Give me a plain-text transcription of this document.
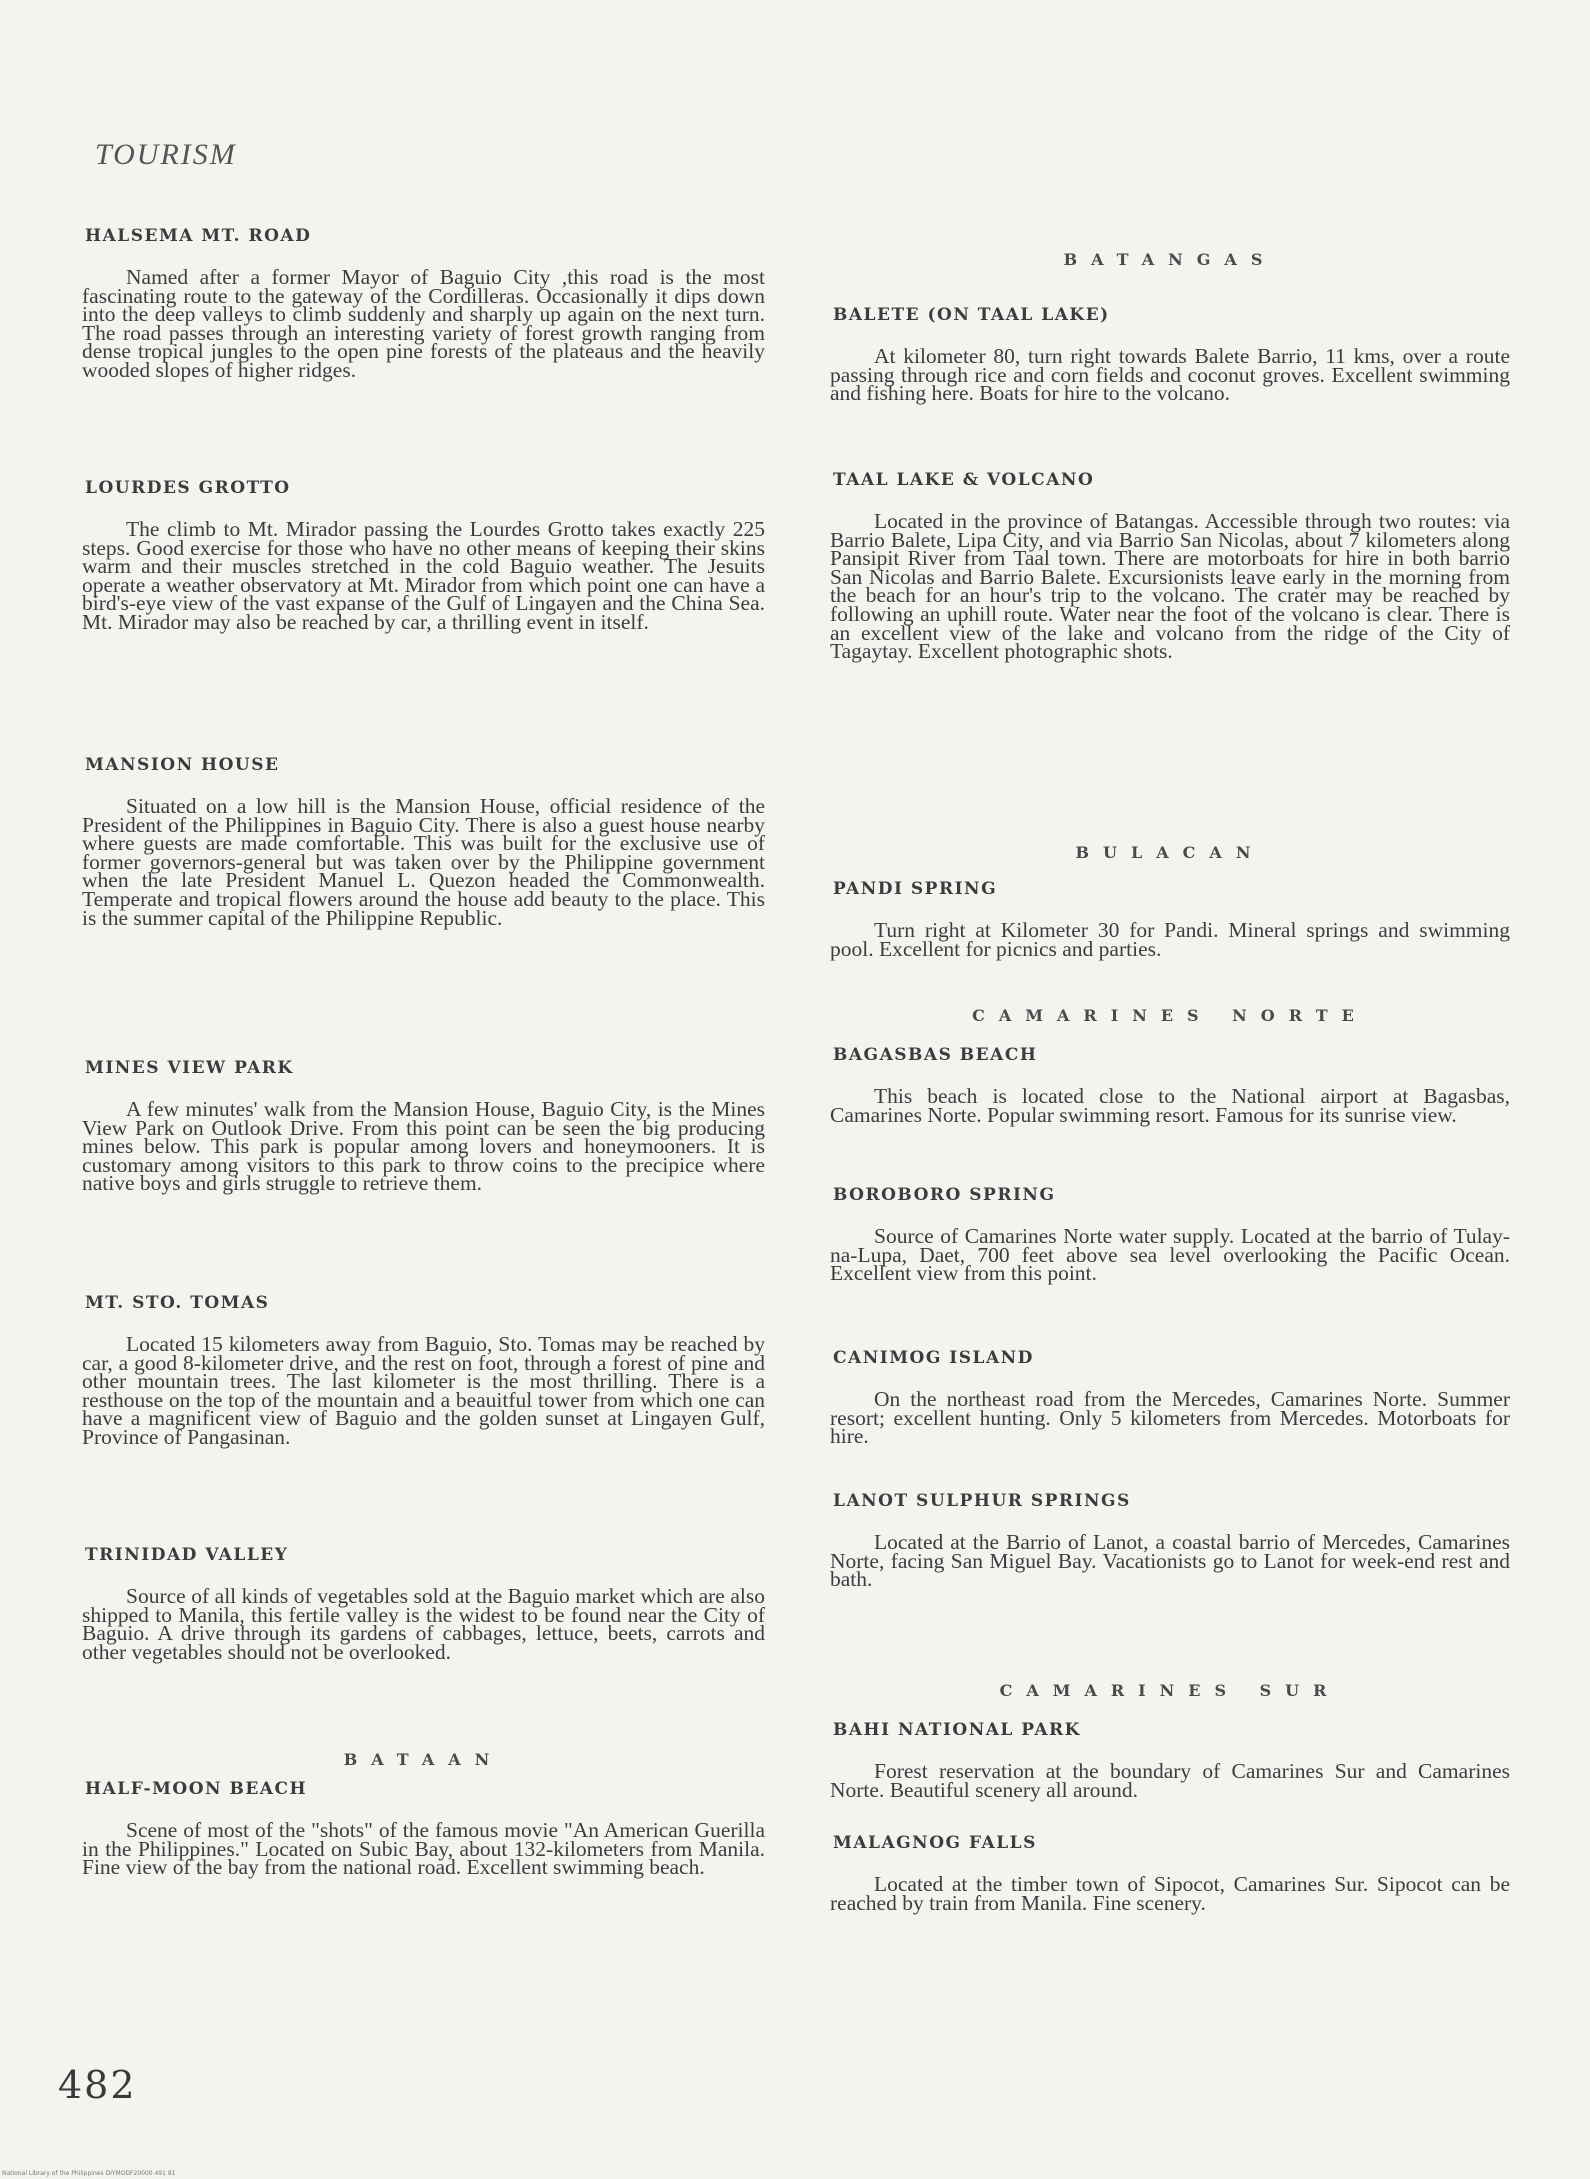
TOURISM
HALSEMA MT. ROAD

Named after a former Mayor of Baguio City ,this road is the most fascinating route to the gateway of the Cordilleras. Occasionally it dips down into the deep valleys to climb suddenly and sharply up again on the next turn. The road passes through an interesting variety of forest growth ranging from dense tropical jungles to the open pine forests of the plateaus and the heavily wooded slopes of higher ridges.

LOURDES GROTTO

The climb to Mt. Mirador passing the Lourdes Grotto takes exactly 225 steps. Good exercise for those who have no other means of keeping their skins warm and their muscles stretched in the cold Baguio weather. The Jesuits operate a weather observatory at Mt. Mirador from which point one can have a bird's-eye view of the vast expanse of the Gulf of Lingayen and the China Sea. Mt. Mirador may also be reached by car, a thrilling event in itself.

MANSION HOUSE

Situated on a low hill is the Mansion House, official residence of the President of the Philippines in Baguio City. There is also a guest house nearby where guests are made comfortable. This was built for the exclusive use of former governors-general but was taken over by the Philippine government when the late President Manuel L. Quezon headed the Commonwealth. Temperate and tropical flowers around the house add beauty to the place. This is the summer capital of the Philippine Republic.

MINES VIEW PARK

A few minutes' walk from the Mansion House, Baguio City, is the Mines View Park on Outlook Drive. From this point can be seen the big producing mines below. This park is popular among lovers and honeymooners. It is customary among visitors to this park to throw coins to the precipice where native boys and girls struggle to retrieve them.

MT. STO. TOMAS

Located 15 kilometers away from Baguio, Sto. Tomas may be reached by car, a good 8-kilometer drive, and the rest on foot, through a forest of pine and other mountain trees. The last kilometer is the most thrilling. There is a resthouse on the top of the mountain and a beauitful tower from which one can have a magnificent view of Baguio and the golden sunset at Lingayen Gulf, Province of Pangasinan.

TRINIDAD VALLEY

Source of all kinds of vegetables sold at the Baguio market which are also shipped to Manila, this fertile valley is the widest to be found near the City of Baguio. A drive through its gardens of cabbages, lettuce, beets, carrots and other vegetables should not be overlooked.

BATAAN
HALF-MOON BEACH

Scene of most of the "shots" of the famous movie "An American Guerilla in the Philippines." Located on Subic Bay, about 132-kilometers from Manila. Fine view of the bay from the national road. Excellent swimming beach.

BATANGAS
BALETE (ON TAAL LAKE)

At kilometer 80, turn right towards Balete Barrio, 11 kms, over a route passing through rice and corn fields and coconut groves. Excellent swimming and fishing here. Boats for hire to the volcano.

TAAL LAKE & VOLCANO

Located in the province of Batangas. Accessible through two routes: via Barrio Balete, Lipa City, and via Barrio San Nicolas, about 7 kilometers along Pansipit River from Taal town. There are motorboats for hire in both barrio San Nicolas and Barrio Balete. Excursionists leave early in the morning from the beach for an hour's trip to the volcano. The crater may be reached by following an uphill route. Water near the foot of the volcano is clear. There is an excellent view of the lake and volcano from the ridge of the City of Tagaytay. Excellent photographic shots.

BULACAN
PANDI SPRING

Turn right at Kilometer 30 for Pandi. Mineral springs and swimming pool. Excellent for picnics and parties.

CAMARINES NORTE
BAGASBAS BEACH

This beach is located close to the National airport at Bagasbas, Camarines Norte. Popular swimming resort. Famous for its sunrise view.

BOROBORO SPRING

Source of Camarines Norte water supply. Located at the barrio of Tulay-na-Lupa, Daet, 700 feet above sea level overlooking the Pacific Ocean. Excellent view from this point.

CANIMOG ISLAND

On the northeast road from the Mercedes, Camarines Norte. Summer resort; excellent hunting. Only 5 kilometers from Mercedes. Motorboats for hire.

LANOT SULPHUR SPRINGS

Located at the Barrio of Lanot, a coastal barrio of Mercedes, Camarines Norte, facing San Miguel Bay. Vacationists go to Lanot for week-end rest and bath.

CAMARINES SUR
BAHI NATIONAL PARK

Forest reservation at the boundary of Camarines Sur and Camarines Norte. Beautiful scenery all around.

MALAGNOG FALLS

Located at the timber town of Sipocot, Camarines Sur. Sipocot can be reached by train from Manila. Fine scenery.

482
National Library of the Philippines DIYMODF20000 491 81
